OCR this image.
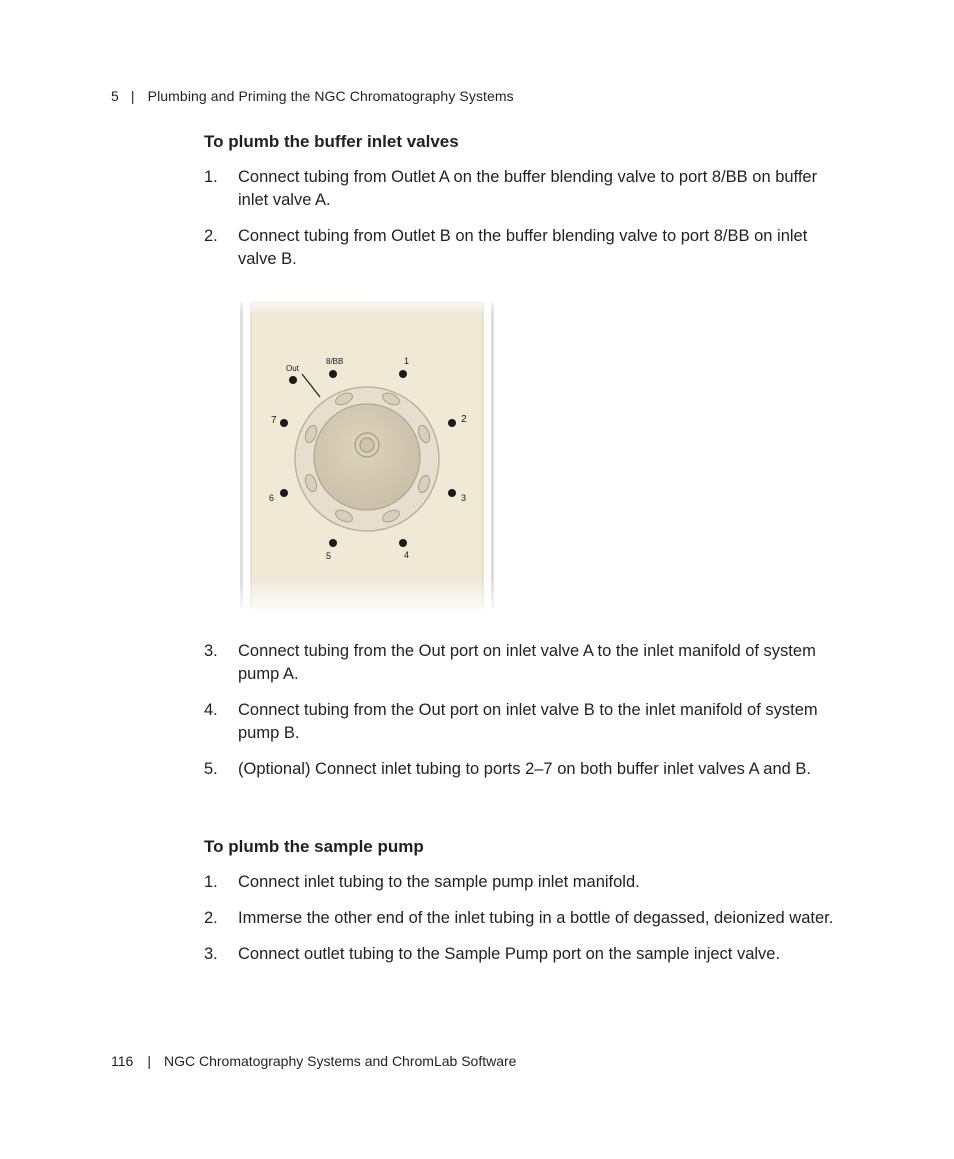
5 | Plumbing and Priming the NGC Chromatography Systems
To plumb the buffer inlet valves
1. Connect tubing from Outlet A on the buffer blending valve to port 8/BB on buffer inlet valve A.
2. Connect tubing from Outlet B on the buffer blending valve to port 8/BB on inlet valve B.
3. Connect tubing from the Out port on inlet valve A to the inlet manifold of system pump A.
4. Connect tubing from the Out port on inlet valve B to the inlet manifold of system pump B.
5. (Optional) Connect inlet tubing to ports 2–7 on both buffer inlet valves A and B.
To plumb the sample pump
1. Connect inlet tubing to the sample pump inlet manifold.
2. Immerse the other end of the inlet tubing in a bottle of degassed, deionized water.
3. Connect outlet tubing to the Sample Pump port on the sample inject valve.
116 | NGC Chromatography Systems and ChromLab Software
